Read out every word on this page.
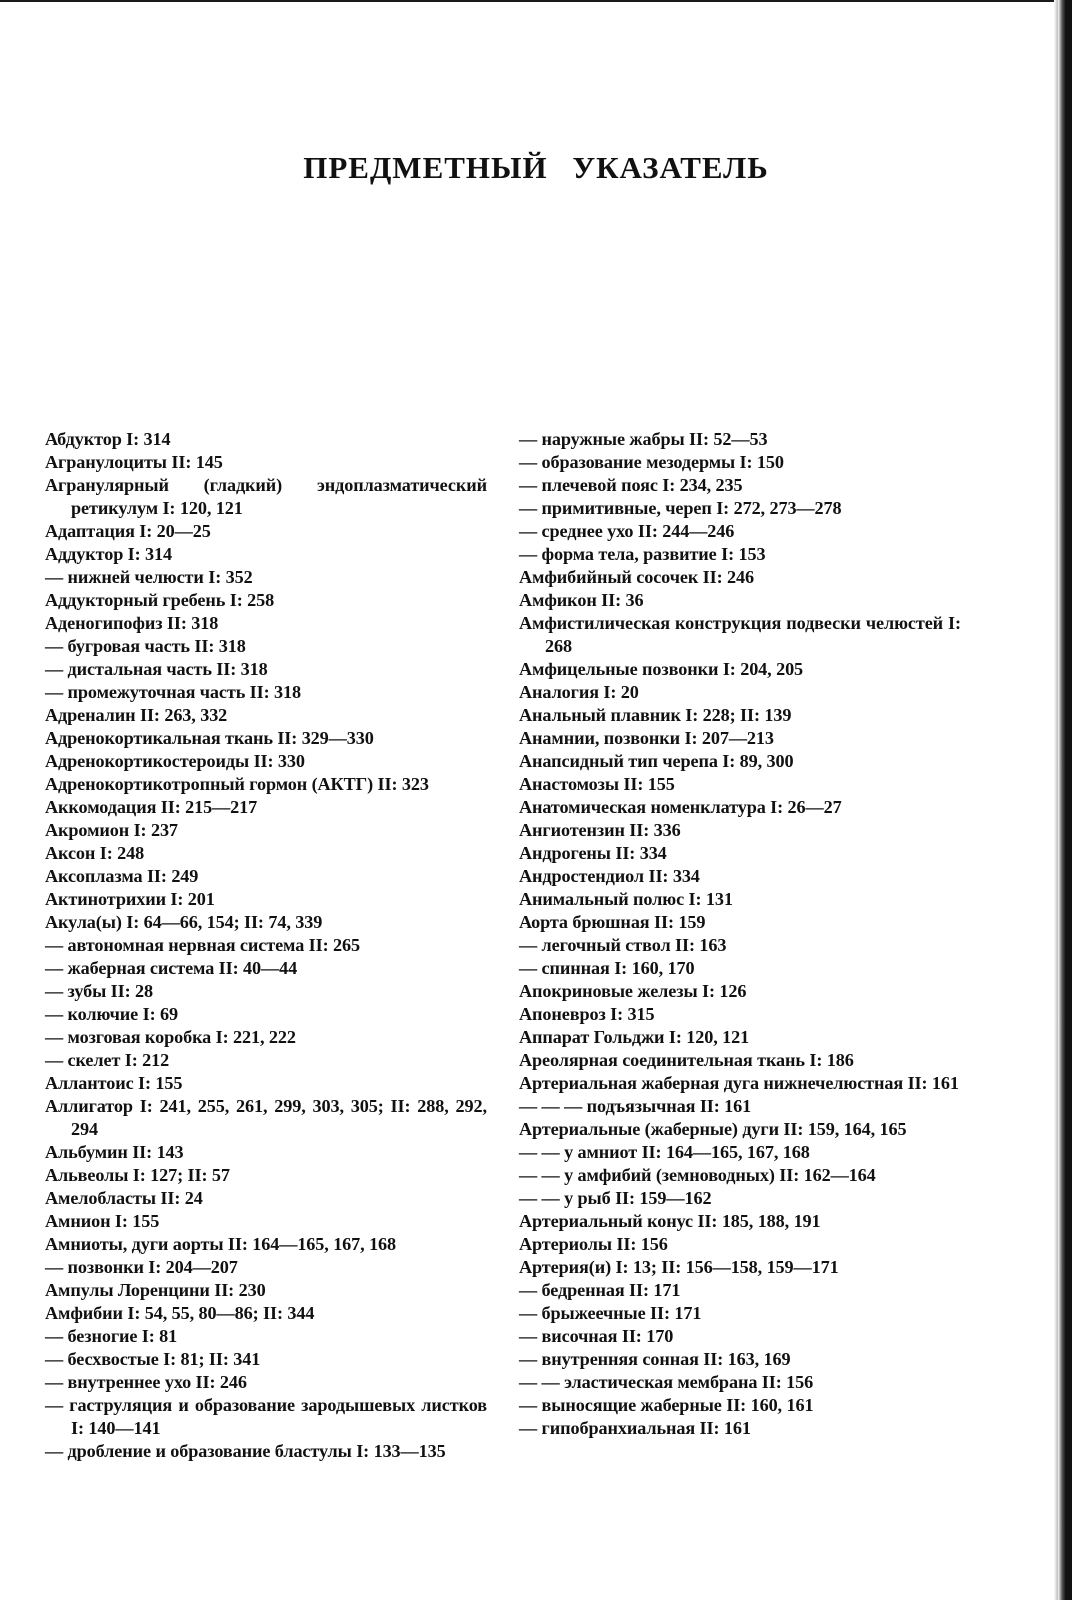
ПРЕДМЕТНЫЙ УКАЗАТЕЛЬ

Абдуктор I: 314

Агранулоциты II: 145

Агранулярный (гладкий) эндоплазматический ретикулум I: 120, 121

Адаптация I: 20—25

Аддуктор I: 314

— нижней челюсти I: 352

Аддукторный гребень I: 258

Аденогипофиз II: 318

— бугровая часть II: 318

— дистальная часть II: 318

— промежуточная часть II: 318

Адреналин II: 263, 332

Адренокортикальная ткань II: 329—330

Адренокортикостероиды II: 330

Адренокортикотропный гормон (АКТГ) II: 323

Аккомодация II: 215—217

Акромион I: 237

Аксон I: 248

Аксоплазма II: 249

Актинотрихии I: 201

Акула(ы) I: 64—66, 154; II: 74, 339

— автономная нервная система II: 265

— жаберная система II: 40—44

— зубы II: 28

— колючие I: 69

— мозговая коробка I: 221, 222

— скелет I: 212

Аллантоис I: 155

Аллигатор I: 241, 255, 261, 299, 303, 305; II: 288, 292, 294

Альбумин II: 143

Альвеолы I: 127; II: 57

Амелобласты II: 24

Амнион I: 155

Амниоты, дуги аорты II: 164—165, 167, 168

— позвонки I: 204—207

Ампулы Лоренцини II: 230

Амфибии I: 54, 55, 80—86; II: 344

— безногие I: 81

— бесхвостые I: 81; II: 341

— внутреннее ухо II: 246

— гаструляция и образование зародышевых листков I: 140—141

— дробление и образование бластулы I: 133—135

— наружные жабры II: 52—53

— образование мезодермы I: 150

— плечевой пояс I: 234, 235

— примитивные, череп I: 272, 273—278

— среднее ухо II: 244—246

— форма тела, развитие I: 153

Амфибийный сосочек II: 246

Амфикон II: 36

Амфистилическая конструкция подвески челюстей I: 268

Амфицельные позвонки I: 204, 205

Аналогия I: 20

Анальный плавник I: 228; II: 139

Анамнии, позвонки I: 207—213

Анапсидный тип черепа I: 89, 300

Анастомозы II: 155

Анатомическая номенклатура I: 26—27

Ангиотензин II: 336

Андрогены II: 334

Андростендиол II: 334

Анимальный полюс I: 131

Аорта брюшная II: 159

— легочный ствол II: 163

— спинная I: 160, 170

Апокриновые железы I: 126

Апоневроз I: 315

Аппарат Гольджи I: 120, 121

Ареолярная соединительная ткань I: 186

Артериальная жаберная дуга нижнечелюстная II: 161

— — — подъязычная II: 161

Артериальные (жаберные) дуги II: 159, 164, 165

— — у амниот II: 164—165, 167, 168

— — у амфибий (земноводных) II: 162—164

— — у рыб II: 159—162

Артериальный конус II: 185, 188, 191

Артериолы II: 156

Артерия(и) I: 13; II: 156—158, 159—171

— бедренная II: 171

— брыжеечные II: 171

— височная II: 170

— внутренняя сонная II: 163, 169

— — эластическая мембрана II: 156

— выносящие жаберные II: 160, 161

— гипобранхиальная II: 161
